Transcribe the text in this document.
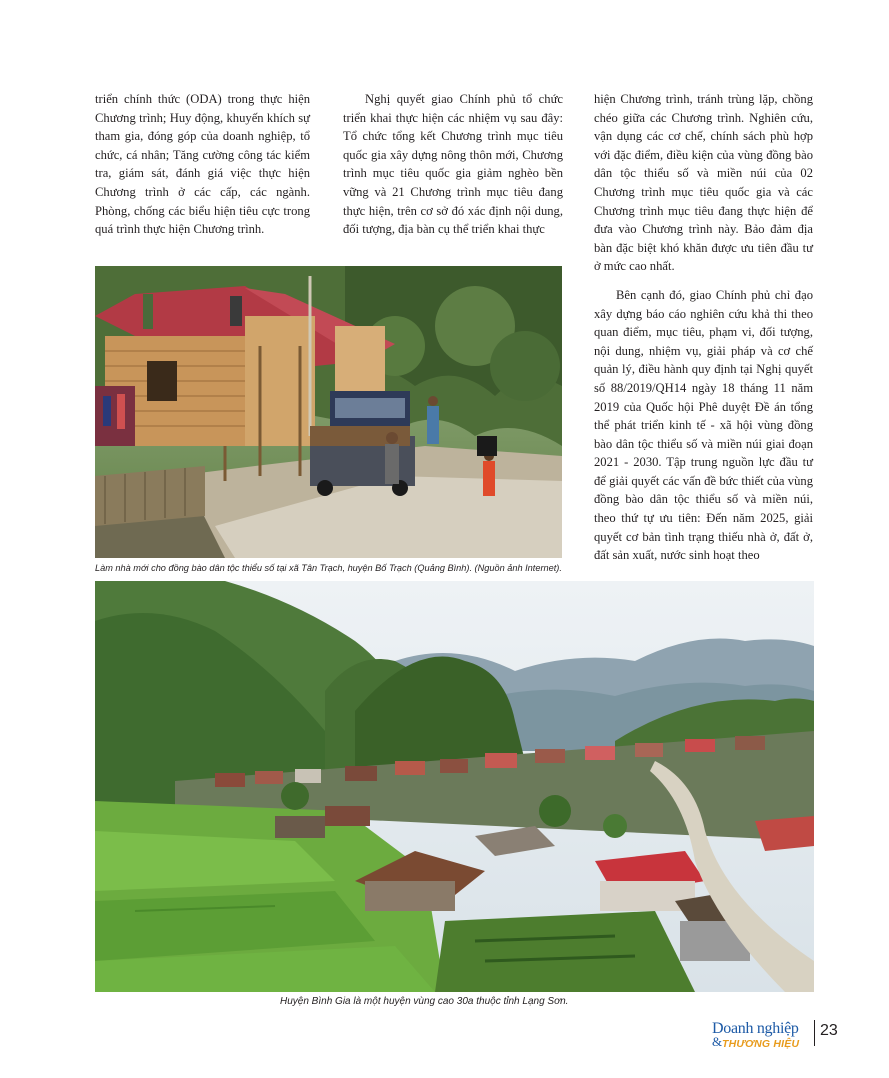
triển chính thức (ODA) trong thực hiện Chương trình; Huy động, khuyến khích sự tham gia, đóng góp của doanh nghiệp, tổ chức, cá nhân; Tăng cường công tác kiểm tra, giám sát, đánh giá việc thực hiện Chương trình ở các cấp, các ngành. Phòng, chống các biểu hiện tiêu cực trong quá trình thực hiện Chương trình.

Nghị quyết giao Chính phủ tổ chức triển khai thực hiện các nhiệm vụ sau đây: Tổ chức tổng kết Chương trình mục tiêu quốc gia xây dựng nông thôn mới, Chương trình mục tiêu quốc gia giảm nghèo bền vững và 21 Chương trình mục tiêu đang thực hiện, trên cơ sở đó xác định nội dung, đối tượng, địa bàn cụ thể triển khai thực

hiện Chương trình, tránh trùng lặp, chồng chéo giữa các Chương trình. Nghiên cứu, vận dụng các cơ chế, chính sách phù hợp với đặc điểm, điều kiện của vùng đồng bào dân tộc thiểu số và miền núi của 02 Chương trình mục tiêu quốc gia và các Chương trình mục tiêu đang thực hiện để đưa vào Chương trình này. Bảo đảm địa bàn đặc biệt khó khăn được ưu tiên đầu tư ở mức cao nhất.

Bên cạnh đó, giao Chính phủ chỉ đạo xây dựng báo cáo nghiên cứu khả thi theo quan điểm, mục tiêu, phạm vi, đối tượng, nội dung, nhiệm vụ, giải pháp và cơ chế quản lý, điều hành quy định tại Nghị quyết số 88/2019/QH14 ngày 18 tháng 11 năm 2019 của Quốc hội Phê duyệt Đề án tổng thể phát triển kinh tế - xã hội vùng đồng bào dân tộc thiểu số và miền núi giai đoạn 2021 - 2030. Tập trung nguồn lực đầu tư để giải quyết các vấn đề bức thiết của vùng đồng bào dân tộc thiểu số và miền núi, theo thứ tự ưu tiên: Đến năm 2025, giải quyết cơ bản tình trạng thiếu nhà ở, đất ở, đất sản xuất, nước sinh hoạt theo

Làm nhà mới cho đồng bào dân tộc thiểu số tại xã Tân Trạch, huyện Bố Trạch (Quảng Bình). (Nguồn ảnh Internet).
Huyện Bình Gia là một huyện vùng cao 30a thuộc tỉnh Lạng Sơn.
Doanh nghiệp
& THƯƠNG HIỆU
23
